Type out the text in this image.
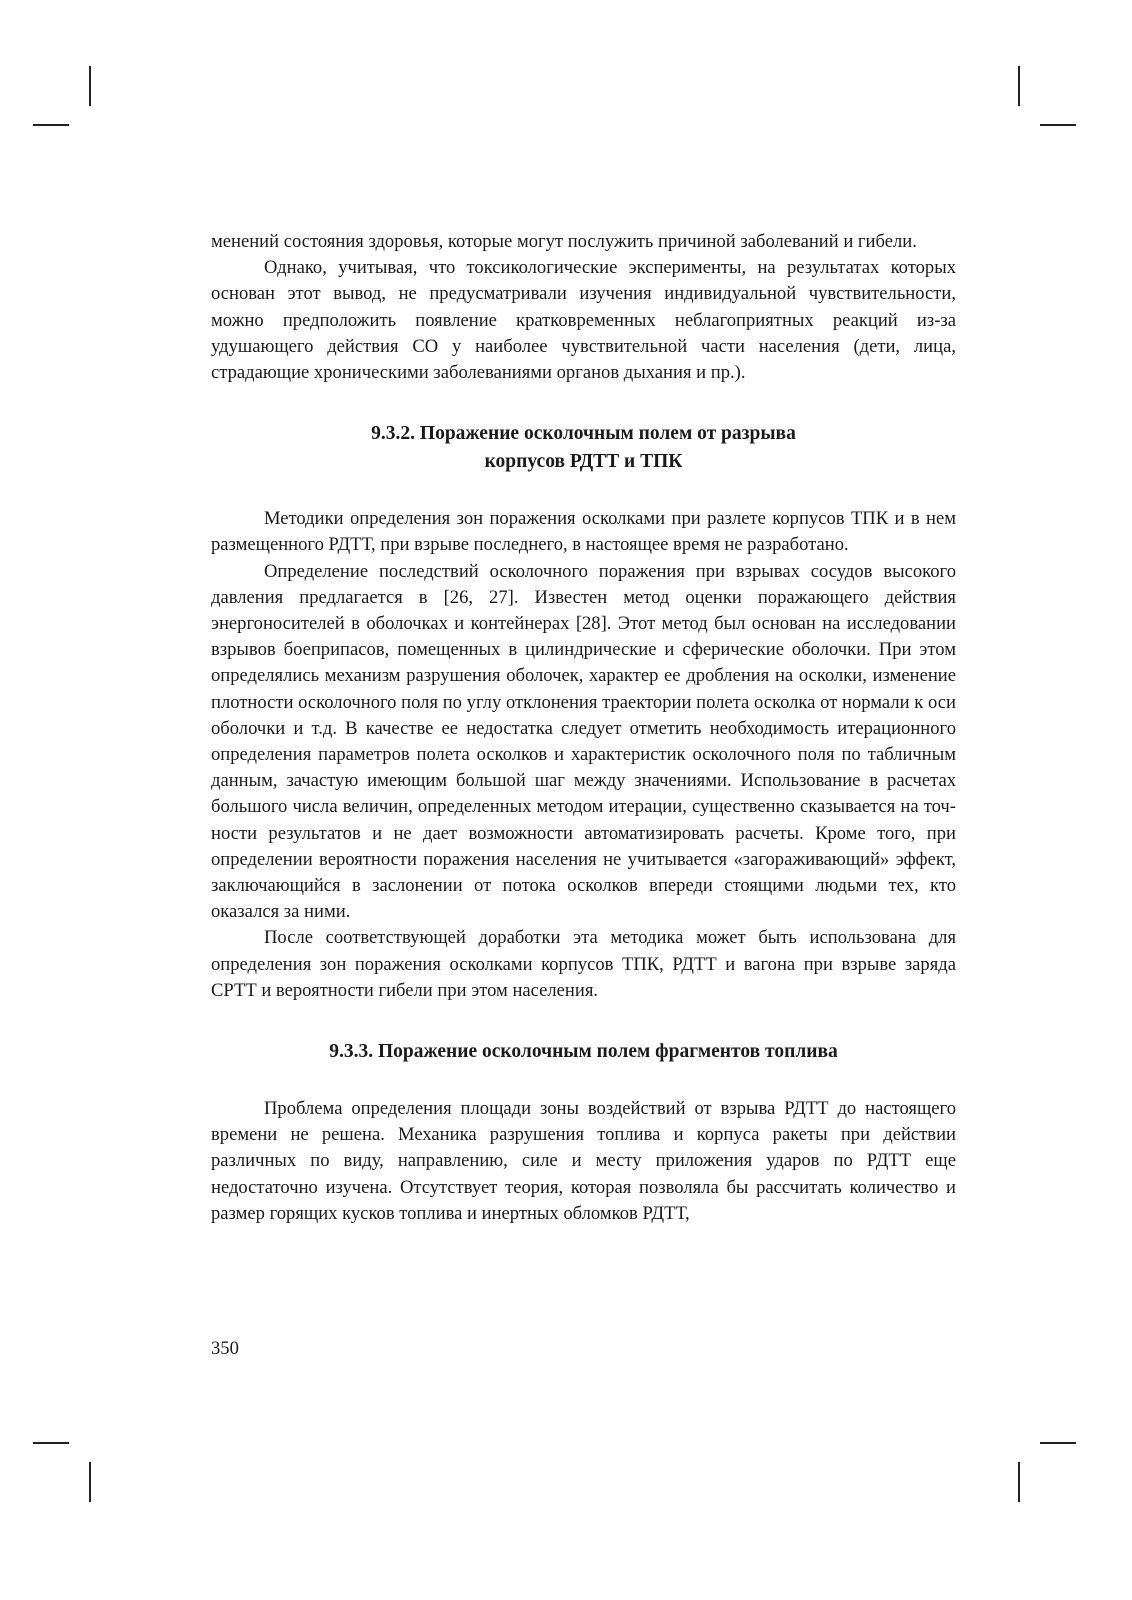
менений состояния здоровья, которые могут послужить причиной заболеваний и гибели.

Однако, учитывая, что токсикологические эксперименты, на результатах которых основан этот вывод, не предусматривали изучения индивидуальной чувствительности, можно предположить появление кратковременных неблагоприятных реакций из-за удушающего действия СО у наиболее чувствительной части населения (дети, лица, страдающие хроническими заболеваниями органов дыхания и пр.).

9.3.2. Поражение осколочным полем от разрыва
корпусов РДТТ и ТПК

Методики определения зон поражения осколками при разлете корпусов ТПК и в нем размещенного РДТТ, при взрыве последнего, в настоящее время не разработано.

Определение последствий осколочного поражения при взрывах сосудов высокого давления предлагается в [26, 27]. Известен метод оценки поражающего действия энергоносителей в оболочках и контейнерах [28]. Этот метод был основан на исследовании взрывов боеприпасов, помещенных в цилиндрические и сферические оболочки. При этом определялись механизм разрушения оболочек, характер ее дробления на осколки, изменение плотности осколочного поля по углу отклонения траектории полета осколка от нормали к оси оболочки и т.д. В качестве ее недостатка следует отметить необходимость итерационного определения параметров полета осколков и характеристик осколочного поля по табличным данным, зачастую имеющим большой шаг между значениями. Использование в расчетах большого числа величин, определенных методом итерации, существенно сказывается на точности результатов и не дает возможности автоматизировать расчеты. Кроме того, при определении вероятности поражения населения не учитывается «загораживающий» эффект, заключающийся в заслонении от потока осколков впереди стоящими людьми тех, кто оказался за ними.

После соответствующей доработки эта методика может быть использована для определения зон поражения осколками корпусов ТПК, РДТТ и вагона при взрыве заряда СРТТ и вероятности гибели при этом населения.

9.3.3. Поражение осколочным полем фрагментов топлива

Проблема определения площади зоны воздействий от взрыва РДТТ до настоящего времени не решена. Механика разрушения топлива и корпуса ракеты при действии различных по виду, направлению, силе и месту приложения ударов по РДТТ еще недостаточно изучена. Отсутствует теория, которая позволяла бы рассчитать количество и размер горящих кусков топлива и инертных обломков РДТТ,

350
